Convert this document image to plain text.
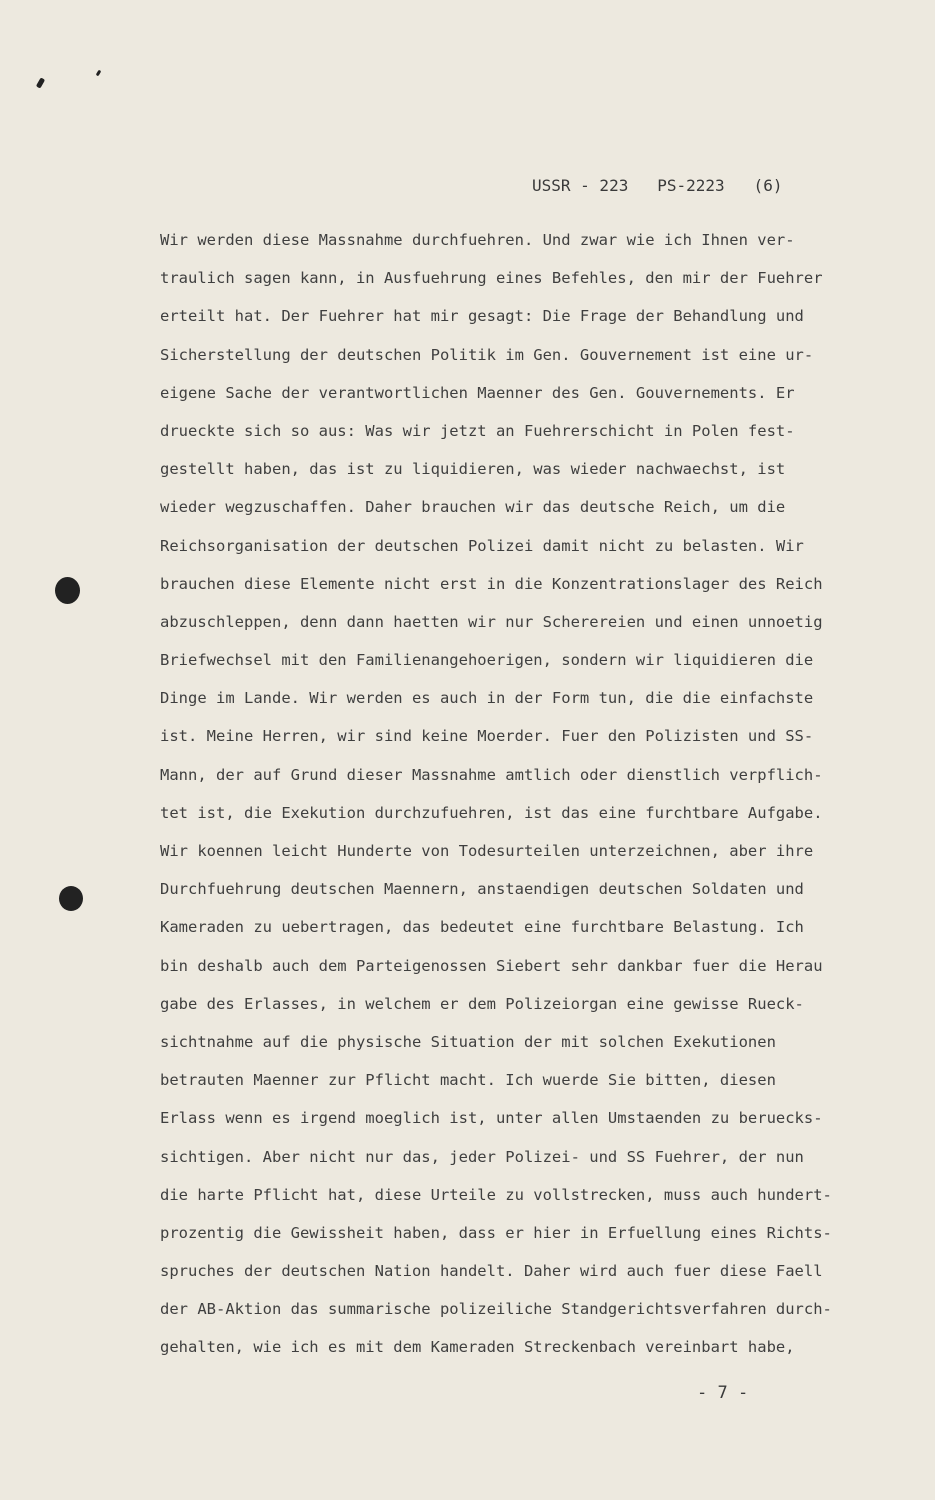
USSR - 223   PS-2223   (6)
Wir werden diese Massnahme durchfuehren. Und zwar wie ich Ihnen ver-
traulich sagen kann, in Ausfuehrung eines Befehles, den mir der Fuehrer
erteilt hat. Der Fuehrer hat mir gesagt: Die Frage der Behandlung und
Sicherstellung der deutschen Politik im Gen. Gouvernement ist eine ur-
eigene Sache der verantwortlichen Maenner des Gen. Gouvernements. Er
drueckte sich so aus: Was wir jetzt an Fuehrerschicht in Polen fest-
gestellt haben, das ist zu liquidieren, was wieder nachwaechst, ist
wieder wegzuschaffen. Daher brauchen wir das deutsche Reich, um die
Reichsorganisation der deutschen Polizei damit nicht zu belasten. Wir
brauchen diese Elemente nicht erst in die Konzentrationslager des Reich
abzuschleppen, denn dann haetten wir nur Scherereien und einen unnoetig
Briefwechsel mit den Familienangehoerigen, sondern wir liquidieren die
Dinge im Lande. Wir werden es auch in der Form tun, die die einfachste
ist. Meine Herren, wir sind keine Moerder. Fuer den Polizisten und SS-
Mann, der auf Grund dieser Massnahme amtlich oder dienstlich verpflich-
tet ist, die Exekution durchzufuehren, ist das eine furchtbare Aufgabe.
Wir koennen leicht Hunderte von Todesurteilen unterzeichnen, aber ihre
Durchfuehrung deutschen Maennern, anstaendigen deutschen Soldaten und
Kameraden zu uebertragen, das bedeutet eine furchtbare Belastung. Ich
bin deshalb auch dem Parteigenossen Siebert sehr dankbar fuer die Herau
gabe des Erlasses, in welchem er dem Polizeiorgan eine gewisse Rueck-
sichtnahme auf die physische Situation der mit solchen Exekutionen
betrauten Maenner zur Pflicht macht. Ich wuerde Sie bitten, diesen
Erlass wenn es irgend moeglich ist, unter allen Umstaenden zu beruecks-
sichtigen. Aber nicht nur das, jeder Polizei- und SS Fuehrer, der nun
die harte Pflicht hat, diese Urteile zu vollstrecken, muss auch hundert-
prozentig die Gewissheit haben, dass er hier in Erfuellung eines Richts-
spruches der deutschen Nation handelt. Daher wird auch fuer diese Faell
der AB-Aktion das summarische polizeiliche Standgerichtsverfahren durch-
gehalten, wie ich es mit dem Kameraden Streckenbach vereinbart habe,
- 7 -
